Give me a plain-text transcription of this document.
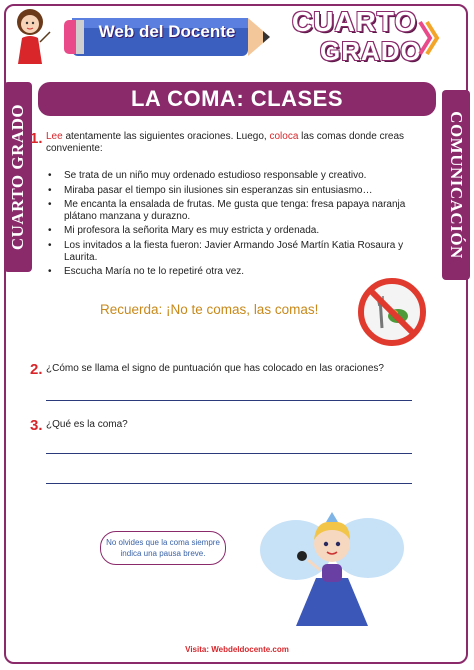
Web del Docente CUARTO
GRADO
CUARTO GRADO	COMUNICACIÓN
LA COMA: CLASES
1. Lee atentamente las siguientes oraciones. Luego, coloca las comas donde creas conveniente:
• Se trata de un niño muy ordenado estudioso responsable y creativo.
• Miraba pasar el tiempo sin ilusiones sin esperanzas sin entusiasmo…
• Me encanta la ensalada de frutas. Me gusta que tenga: fresa papaya naranja plátano manzana y durazno.
• Mi profesora la señorita Mary es muy estricta y ordenada.
• Los invitados a la fiesta fueron: Javier Armando José Martín Katia Rosaura y Laurita.
• Escucha María no te lo repetiré otra vez.
Recuerda: ¡No te comas, las comas!
2. ¿Cómo se llama el signo de puntuación que has colocado en las oraciones?
3. ¿Qué es la coma?
No olvides que la coma siempre indica una pausa breve.
Visita: Webdeldocente.com
